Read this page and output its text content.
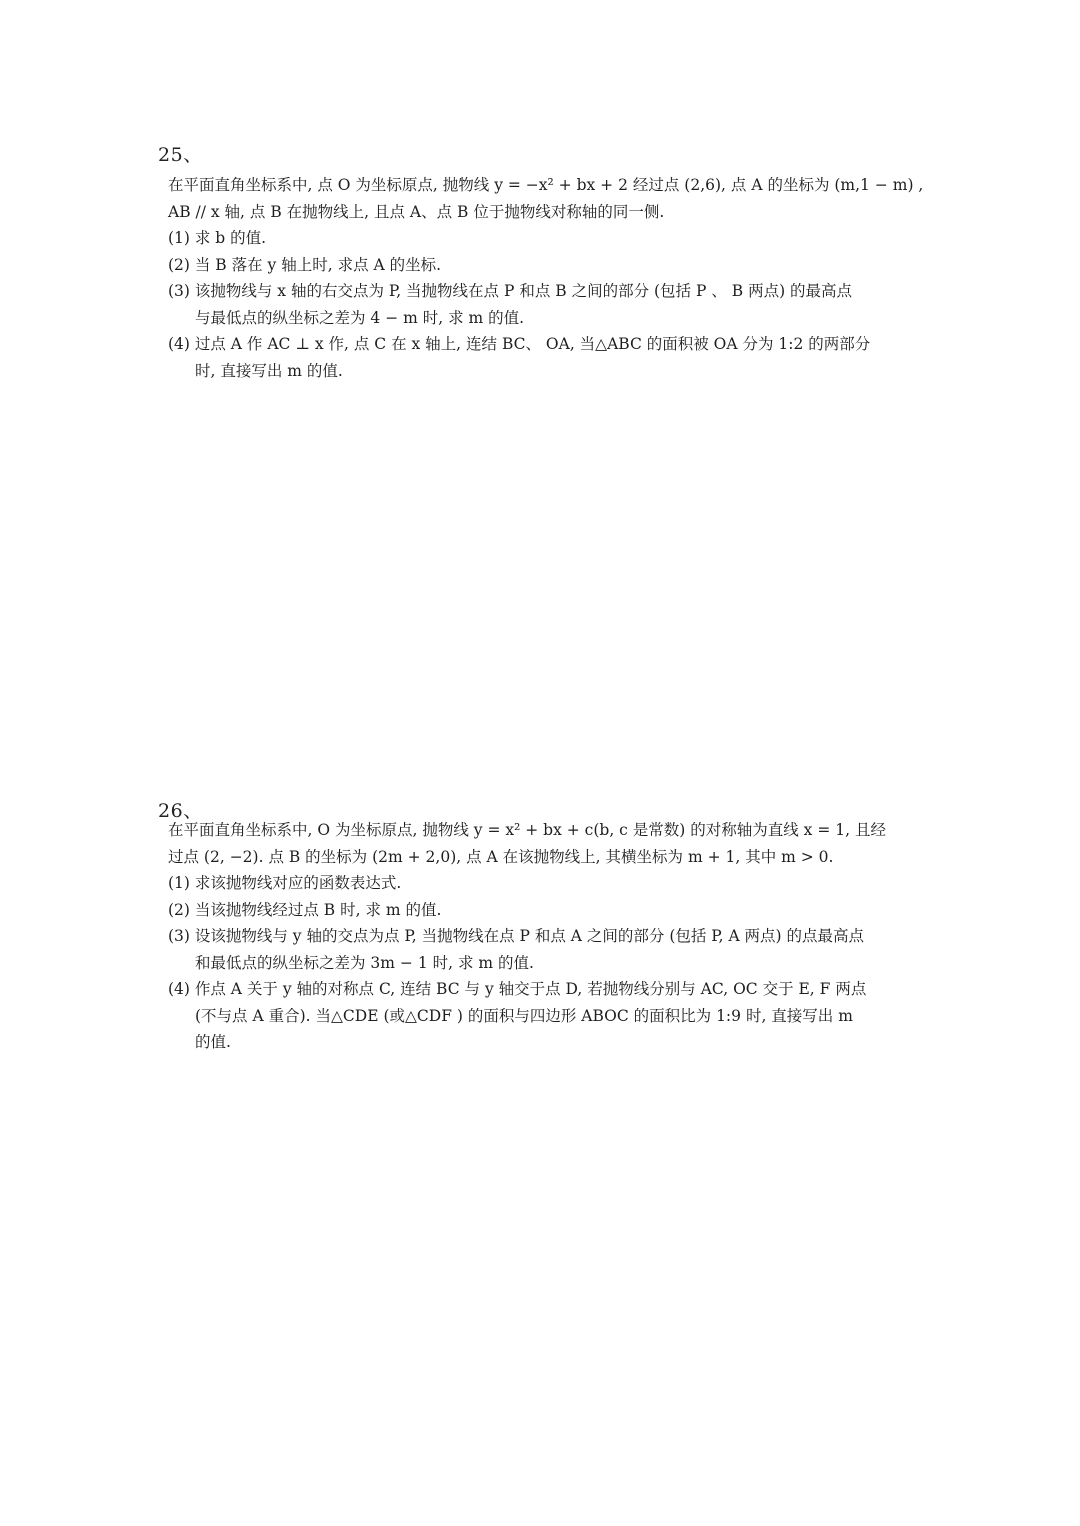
25、
在平面直角坐标系中, 点 O 为坐标原点, 抛物线 y = −x² + bx + 2 经过点 (2,6), 点 A 的坐标为 (m,1 − m) ,
AB // x 轴, 点 B 在抛物线上, 且点 A、点 B 位于抛物线对称轴的同一侧.
(1) 求 b 的值.
(2) 当 B 落在 y 轴上时, 求点 A 的坐标.
(3) 该抛物线与 x 轴的右交点为 P, 当抛物线在点 P 和点 B 之间的部分 (包括 P 、 B 两点) 的最高点
与最低点的纵坐标之差为 4 − m 时, 求 m 的值.
(4) 过点 A 作 AC ⊥ x 作, 点 C 在 x 轴上, 连结 BC、 OA, 当△ABC 的面积被 OA 分为 1:2 的两部分
时, 直接写出 m 的值.
26、
在平面直角坐标系中, O 为坐标原点, 抛物线 y = x² + bx + c(b, c 是常数) 的对称轴为直线 x = 1, 且经
过点 (2, −2). 点 B 的坐标为 (2m + 2,0), 点 A 在该抛物线上, 其横坐标为 m + 1, 其中 m > 0.
(1) 求该抛物线对应的函数表达式.
(2) 当该抛物线经过点 B 时, 求 m 的值.
(3) 设该抛物线与 y 轴的交点为点 P, 当抛物线在点 P 和点 A 之间的部分 (包括 P, A 两点) 的点最高点
和最低点的纵坐标之差为 3m − 1 时, 求 m 的值.
(4) 作点 A 关于 y 轴的对称点 C, 连结 BC 与 y 轴交于点 D, 若抛物线分别与 AC, OC 交于 E, F 两点
(不与点 A 重合). 当△CDE (或△CDF ) 的面积与四边形 ABOC 的面积比为 1:9 时, 直接写出 m
的值.
